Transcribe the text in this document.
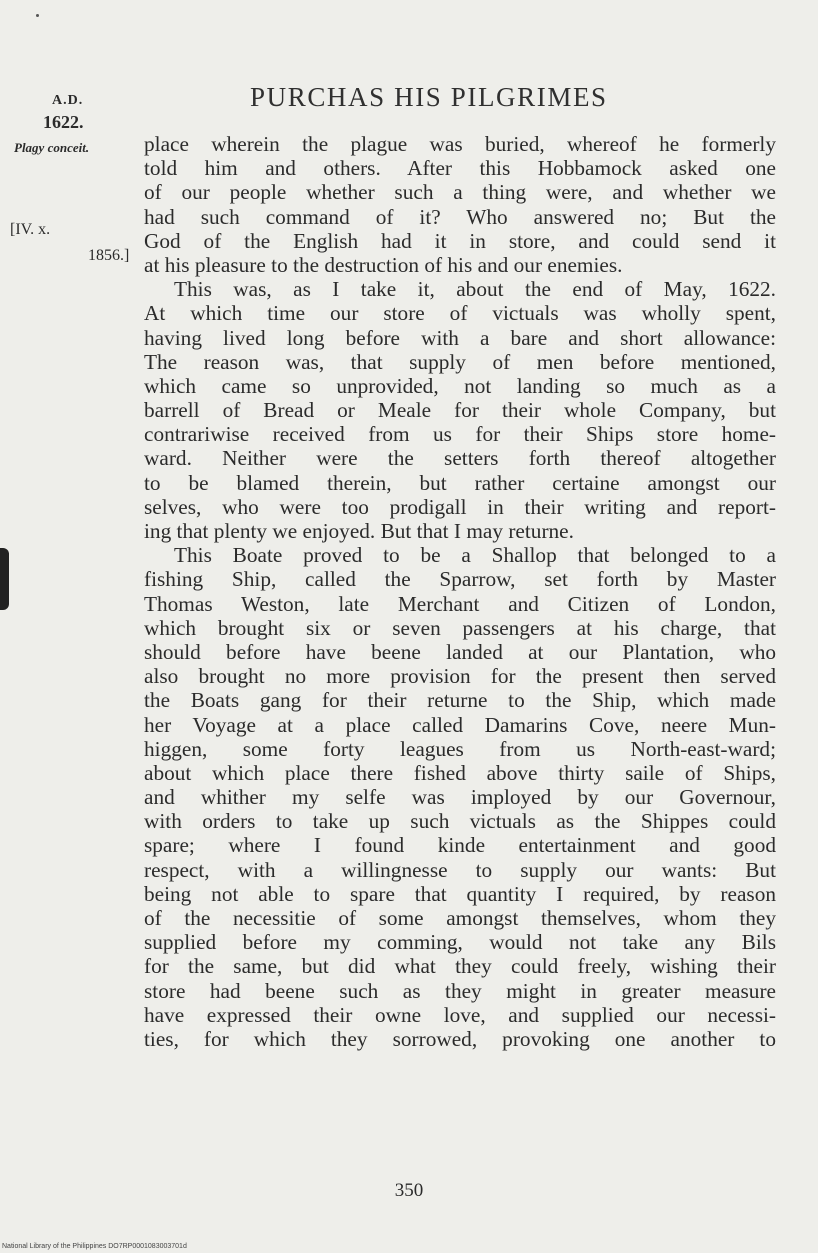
PURCHAS HIS PILGRIMES
A.D.
1622.
Plagy conceit.
[IV. x.
1856.]
place wherein the plague was buried, whereof he formerly
told him and others. After this Hobbamock asked one
of our people whether such a thing were, and whether we
had such command of it? Who answered no; But the
God of the English had it in store, and could send it
at his pleasure to the destruction of his and our enemies.
This was, as I take it, about the end of May, 1622.
At which time our store of victuals was wholly spent,
having lived long before with a bare and short allowance:
The reason was, that supply of men before mentioned,
which came so unprovided, not landing so much as a
barrell of Bread or Meale for their whole Company, but
contrariwise received from us for their Ships store home-
ward. Neither were the setters forth thereof altogether
to be blamed therein, but rather certaine amongst our
selves, who were too prodigall in their writing and report-
ing that plenty we enjoyed. But that I may returne.
This Boate proved to be a Shallop that belonged to a
fishing Ship, called the Sparrow, set forth by Master
Thomas Weston, late Merchant and Citizen of London,
which brought six or seven passengers at his charge, that
should before have beene landed at our Plantation, who
also brought no more provision for the present then served
the Boats gang for their returne to the Ship, which made
her Voyage at a place called Damarins Cove, neere Mun-
higgen, some forty leagues from us North-east-ward;
about which place there fished above thirty saile of Ships,
and whither my selfe was imployed by our Governour,
with orders to take up such victuals as the Shippes could
spare; where I found kinde entertainment and good
respect, with a willingnesse to supply our wants: But
being not able to spare that quantity I required, by reason
of the necessitie of some amongst themselves, whom they
supplied before my comming, would not take any Bils
for the same, but did what they could freely, wishing their
store had beene such as they might in greater measure
have expressed their owne love, and supplied our necessi-
ties, for which they sorrowed, provoking one another to
350
National Library of the Philippines DO7RP0001083003701d
